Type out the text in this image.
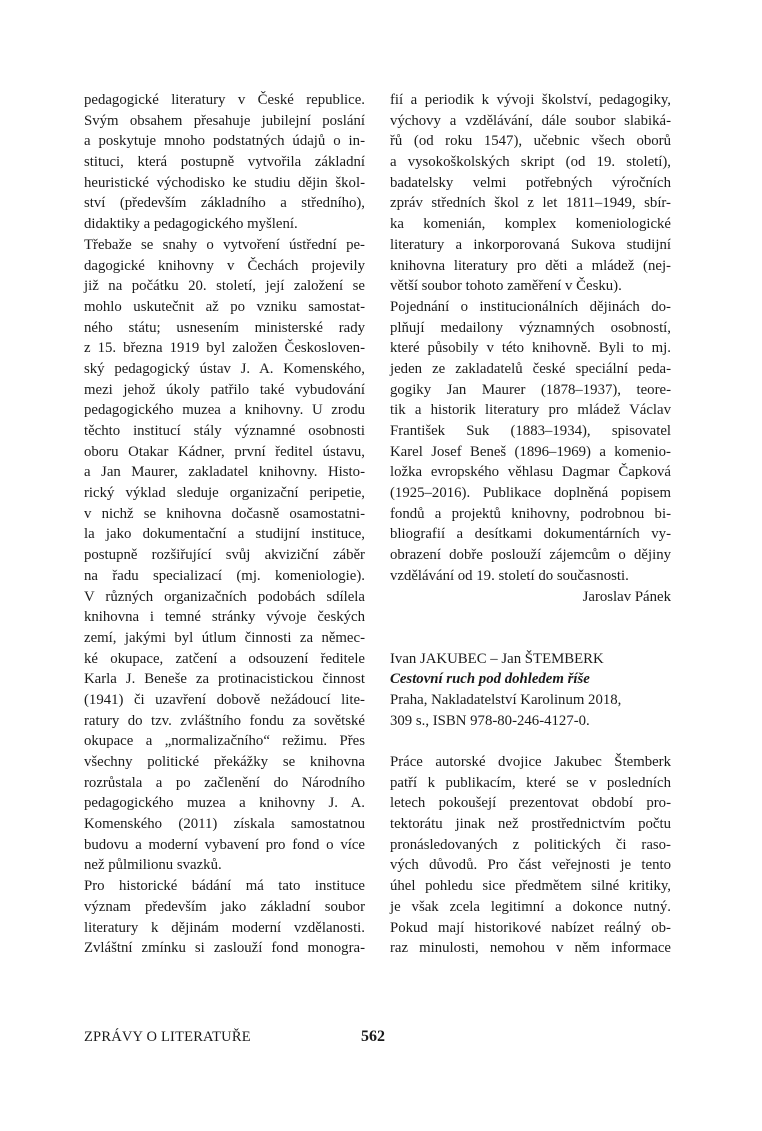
pedagogické literatury v České republice.
Svým obsahem přesahuje jubilejní poslání
a poskytuje mnoho podstatných údajů o in-
stituci, která postupně vytvořila základní
heuristické východisko ke studiu dějin škol-
ství (především základního a středního),
didaktiky a pedagogického myšlení.
Třebaže se snahy o vytvoření ústřední pe-
dagogické knihovny v Čechách projevily
již na počátku 20. století, její založení se
mohlo uskutečnit až po vzniku samostat-
ného státu; usnesením ministerské rady
z 15. března 1919 byl založen Českosloven-
ský pedagogický ústav J. A. Komenského,
mezi jehož úkoly patřilo také vybudování
pedagogického muzea a knihovny. U zrodu
těchto institucí stály významné osobnosti
oboru Otakar Kádner, první ředitel ústavu,
a Jan Maurer, zakladatel knihovny. Histo-
rický výklad sleduje organizační peripetie,
v nichž se knihovna dočasně osamostatni-
la jako dokumentační a studijní instituce,
postupně rozšiřující svůj akviziční záběr
na řadu specializací (mj. komeniologie).
V různých organizačních podobách sdílela
knihovna i temné stránky vývoje českých
zemí, jakými byl útlum činnosti za němec-
ké okupace, zatčení a odsouzení ředitele
Karla J. Beneše za protinacistickou činnost
(1941) či uzavření dobově nežádoucí lite-
ratury do tzv. zvláštního fondu za sovětské
okupace a „normalizačního“ režimu. Přes
všechny politické překážky se knihovna
rozrůstala a po začlenění do Národního
pedagogického muzea a knihovny J. A.
Komenského (2011) získala samostatnou
budovu a moderní vybavení pro fond o více
než půlmilionu svazků.
Pro historické bádání má tato instituce
význam především jako základní soubor
literatury k dějinám moderní vzdělanosti.
Zvláštní zmínku si zaslouží fond monogra-
fií a periodik k vývoji školství, pedagogiky,
výchovy a vzdělávání, dále soubor slabiká-
řů (od roku 1547), učebnic všech oborů
a vysokoškolských skript (od 19. století),
badatelsky velmi potřebných výročních
zpráv středních škol z let 1811–1949, sbír-
ka komenián, komplex komeniologické
literatury a inkorporovaná Sukova studijní
knihovna literatury pro děti a mládež (nej-
větší soubor tohoto zaměření v Česku).
Pojednání o institucionálních dějinách do-
plňují medailony významných osobností,
které působily v této knihovně. Byli to mj.
jeden ze zakladatelů české speciální peda-
gogiky Jan Maurer (1878–1937), teore-
tik a historik literatury pro mládež Václav
František Suk (1883–1934), spisovatel
Karel Josef Beneš (1896–1969) a komenio-
ložka evropského věhlasu Dagmar Čapková
(1925–2016). Publikace doplněná popisem
fondů a projektů knihovny, podrobnou bi-
bliografií a desítkami dokumentárních vy-
obrazení dobře poslouží zájemcům o dějiny
vzdělávání od 19. století do současnosti.
Jaroslav Pánek
Ivan JAKUBEC – Jan ŠTEMBERK
Cestovní ruch pod dohledem říše
Praha, Nakladatelství Karolinum 2018,
309 s., ISBN 978-80-246-4127-0.
Práce autorské dvojice Jakubec Štemberk
patří k publikacím, které se v posledních
letech pokoušejí prezentovat období pro-
tektorátu jinak než prostřednictvím počtu
pronásledovaných z politických či raso-
vých důvodů. Pro část veřejnosti je tento
úhel pohledu sice předmětem silné kritiky,
je však zcela legitimní a dokonce nutný.
Pokud mají historikové nabízet reálný ob-
raz minulosti, nemohou v něm informace
ZPRÁVY O LITERATUŘE	562
